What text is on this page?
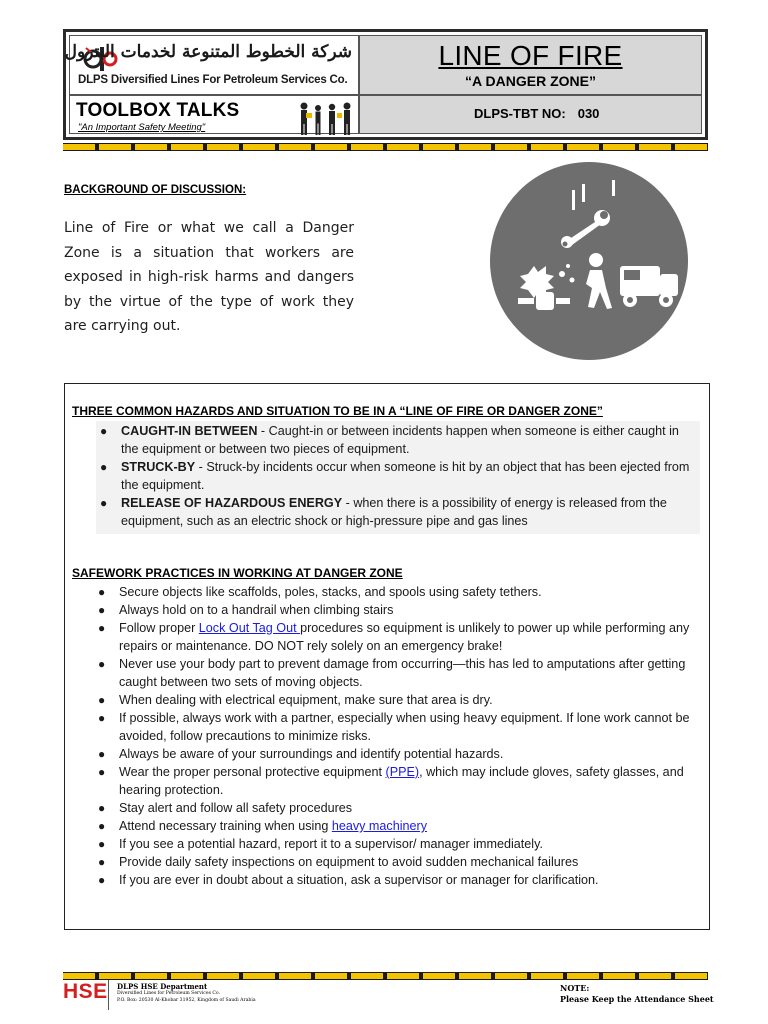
شركة الخطوط المتنوعة لخدمات البترول
DLPS Diversified Lines For Petroleum Services Co.
TOOLBOX TALKS
"An Important Safety Meeting"
LINE OF FIRE
“A DANGER ZONE”
DLPS-TBT NO: 030
BACKGROUND OF DISCUSSION:
Line of Fire or what we call a Danger Zone is a situation that workers are exposed in high-risk harms and dangers by the virtue of the type of work they are carrying out.
THREE COMMON HAZARDS AND SITUATION TO BE IN A “LINE OF FIRE OR DANGER ZONE”
● CAUGHT-IN BETWEEN - Caught-in or between incidents happen when someone is either caught in the equipment or between two pieces of equipment.
● STRUCK-BY - Struck-by incidents occur when someone is hit by an object that has been ejected from the equipment.
● RELEASE OF HAZARDOUS ENERGY - when there is a possibility of energy is released from the equipment, such as an electric shock or high-pressure pipe and gas lines
SAFEWORK PRACTICES IN WORKING AT DANGER ZONE
● Secure objects like scaffolds, poles, stacks, and spools using safety tethers.
● Always hold on to a handrail when climbing stairs
● Follow proper Lock Out Tag Out procedures so equipment is unlikely to power up while performing any repairs or maintenance. DO NOT rely solely on an emergency brake!
● Never use your body part to prevent damage from occurring—this has led to amputations after getting caught between two sets of moving objects.
● When dealing with electrical equipment, make sure that area is dry.
● If possible, always work with a partner, especially when using heavy equipment. If lone work cannot be avoided, follow precautions to minimize risks.
● Always be aware of your surroundings and identify potential hazards.
● Wear the proper personal protective equipment (PPE), which may include gloves, safety glasses, and hearing protection.
● Stay alert and follow all safety procedures
● Attend necessary training when using heavy machinery
● If you see a potential hazard, report it to a supervisor/ manager immediately.
● Provide daily safety inspections on equipment to avoid sudden mechanical failures
● If you are ever in doubt about a situation, ask a supervisor or manager for clarification.
HSE DLPS HSE Department
Diversified Lines for Petroleum Services Co.
P.O. Box: 20530 Al-Khobar 31952, Kingdom of Saudi Arabia
NOTE:
Please Keep the Attendance Sheet
